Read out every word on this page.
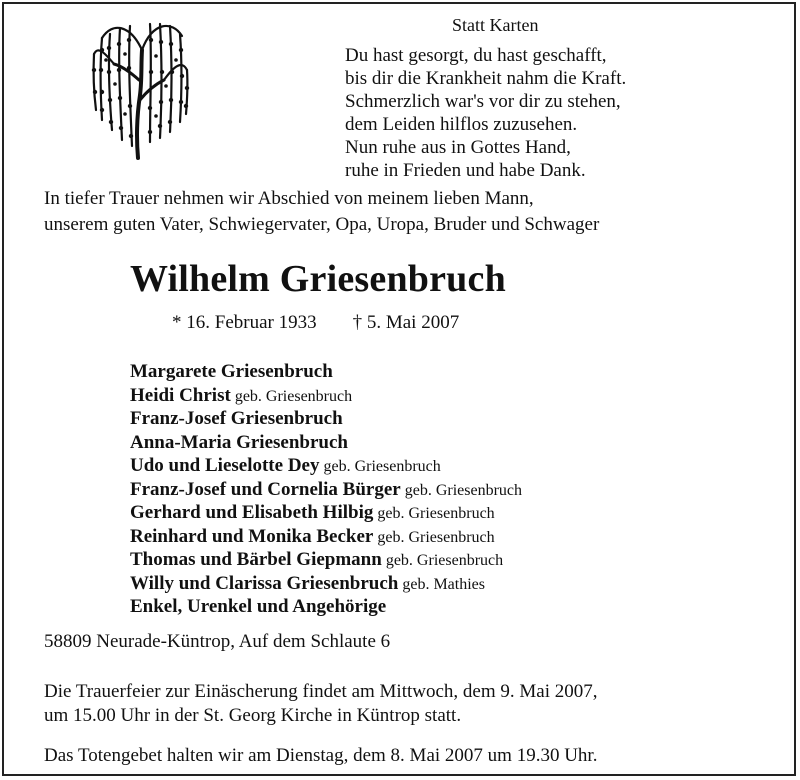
Statt Karten
Du hast gesorgt, du hast geschafft,
bis dir die Krankheit nahm die Kraft.
Schmerzlich war's vor dir zu stehen,
dem Leiden hilflos zuzusehen.
Nun ruhe aus in Gottes Hand,
ruhe in Frieden und habe Dank.
In tiefer Trauer nehmen wir Abschied von meinem lieben Mann,
unserem guten Vater, Schwiegervater, Opa, Uropa, Bruder und Schwager
Wilhelm Griesenbruch
* 16. Februar 1933 † 5. Mai 2007
Margarete Griesenbruch
Heidi Christ geb. Griesenbruch
Franz-Josef Griesenbruch
Anna-Maria Griesenbruch
Udo und Lieselotte Dey geb. Griesenbruch
Franz-Josef und Cornelia Bürger geb. Griesenbruch
Gerhard und Elisabeth Hilbig geb. Griesenbruch
Reinhard und Monika Becker geb. Griesenbruch
Thomas und Bärbel Giepmann geb. Griesenbruch
Willy und Clarissa Griesenbruch geb. Mathies
Enkel, Urenkel und Angehörige
58809 Neurade-Küntrop, Auf dem Schlaute 6
Die Trauerfeier zur Einäscherung findet am Mittwoch, dem 9. Mai 2007,
um 15.00 Uhr in der St. Georg Kirche in Küntrop statt.
Das Totengebet halten wir am Dienstag, dem 8. Mai 2007 um 19.30 Uhr.
